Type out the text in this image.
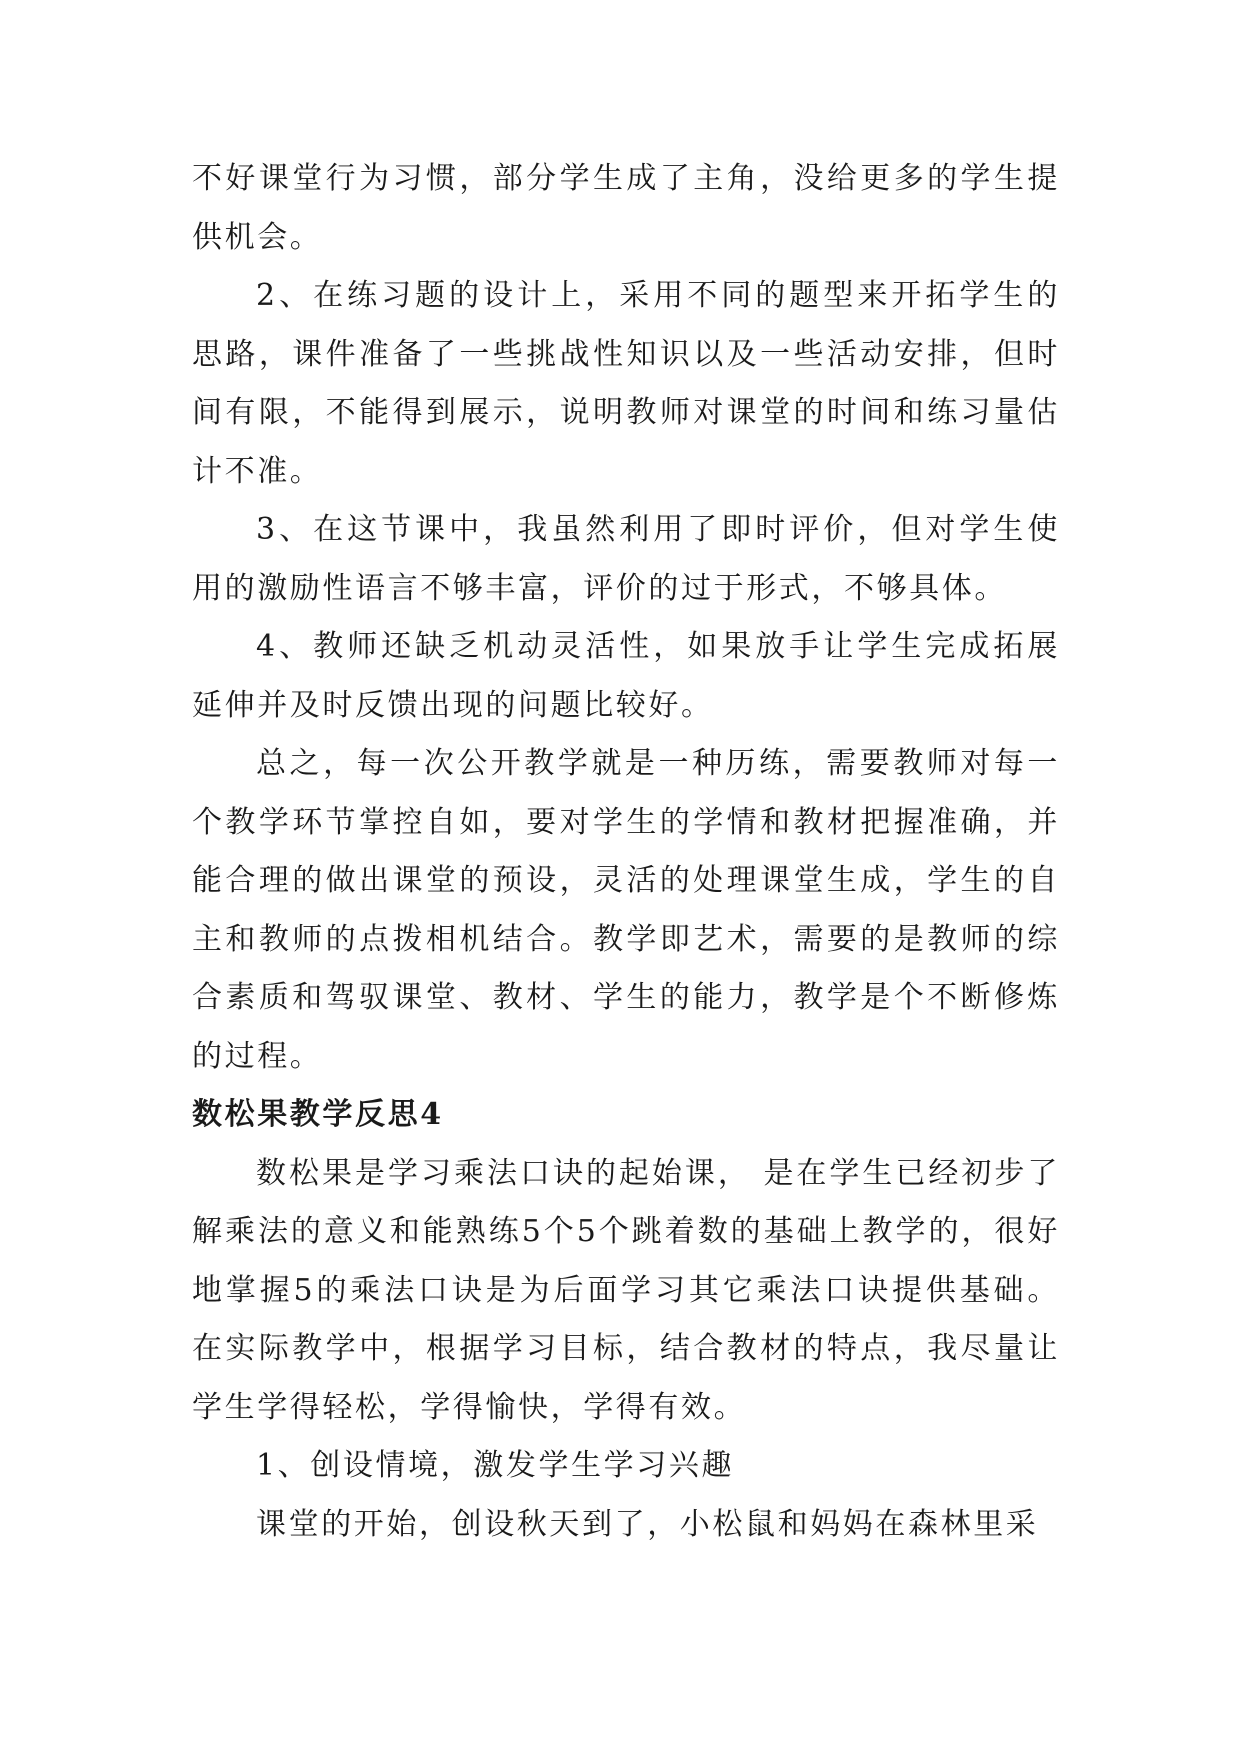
不好课堂行为习惯，部分学生成了主角，没给更多的学生提供机会。

2、在练习题的设计上，采用不同的题型来开拓学生的思路，课件准备了一些挑战性知识以及一些活动安排，但时间有限，不能得到展示，说明教师对课堂的时间和练习量估计不准。

3、在这节课中，我虽然利用了即时评价，但对学生使用的激励性语言不够丰富，评价的过于形式，不够具体。

4、教师还缺乏机动灵活性，如果放手让学生完成拓展延伸并及时反馈出现的问题比较好。

总之，每一次公开教学就是一种历练，需要教师对每一个教学环节掌控自如，要对学生的学情和教材把握准确，并能合理的做出课堂的预设，灵活的处理课堂生成，学生的自主和教师的点拨相机结合。教学即艺术，需要的是教师的综合素质和驾驭课堂、教材、学生的能力，教学是个不断修炼的过程。

数松果教学反思4

数松果是学习乘法口诀的起始课， 是在学生已经初步了解乘法的意义和能熟练5个5个跳着数的基础上教学的，很好地掌握5的乘法口诀是为后面学习其它乘法口诀提供基础。在实际教学中，根据学习目标，结合教材的特点，我尽量让学生学得轻松，学得愉快，学得有效。

1、创设情境，激发学生学习兴趣

课堂的开始，创设秋天到了，小松鼠和妈妈在森林里采
